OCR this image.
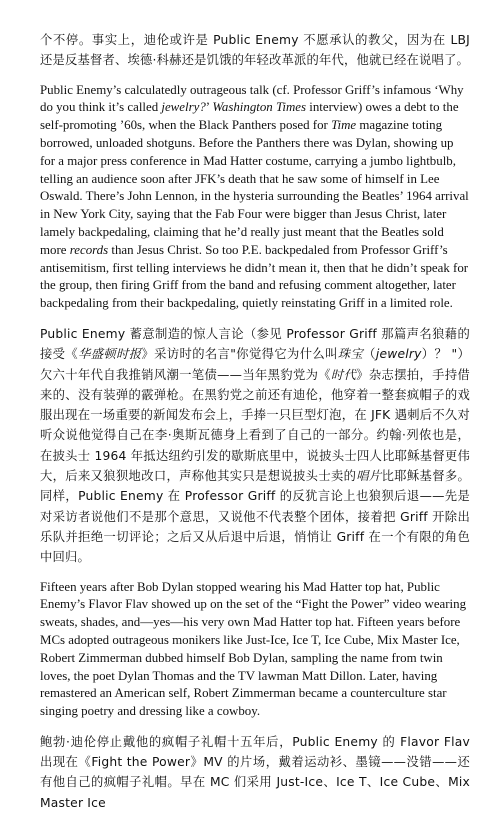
个不停。事实上，迪伦或许是 Public Enemy 不愿承认的教父，因为在 LBJ 还是反基督者、埃德·科赫还是饥饿的年轻改革派的年代，他就已经在说唱了。

Public Enemy’s calculatedly outrageous talk (cf. Professor Griff’s infamous ‘Why do you think it’s called jewelry?’ Washington Times interview) owes a debt to the self-promoting ’60s, when the Black Panthers posed for Time magazine toting borrowed, unloaded shotguns. Before the Panthers there was Dylan, showing up for a major press conference in Mad Hatter costume, carrying a jumbo lightbulb, telling an audience soon after JFK’s death that he saw some of himself in Lee Oswald. There’s John Lennon, in the hysteria surrounding the Beatles’ 1964 arrival in New York City, saying that the Fab Four were bigger than Jesus Christ, later lamely backpedaling, claiming that he’d really just meant that the Beatles sold more records than Jesus Christ. So too P.E. backpedaled from Professor Griff’s antisemitism, first telling interviews he didn’t mean it, then that he didn’t speak for the group, then firing Griff from the band and refusing comment altogether, later backpedaling from their backpedaling, quietly reinstating Griff in a limited role.

Public Enemy 蓄意制造的惊人言论（参见 Professor Griff 那篇声名狼藉的接受《华盛顿时报》采访时的名言"你觉得它为什么叫珠宝（jewelry）？ "）欠六十年代自我推销风潮一笔债——当年黑豹党为《时代》杂志摆拍，手持借来的、没有装弹的霰弹枪。在黑豹党之前还有迪伦，他穿着一整套疯帽子的戏服出现在一场重要的新闻发布会上，手捧一只巨型灯泡，在 JFK 遇刺后不久对听众说他觉得自己在李·奥斯瓦德身上看到了自己的一部分。约翰·列侬也是，在披头士 1964 年抵达纽约引发的歇斯底里中，说披头士四人比耶稣基督更伟大，后来又狼狈地改口，声称他其实只是想说披头士卖的唱片比耶稣基督多。同样，Public Enemy 在 Professor Griff 的反犹言论上也狼狈后退——先是对采访者说他们不是那个意思，又说他不代表整个团体，接着把 Griff 开除出乐队并拒绝一切评论；之后又从后退中后退，悄悄让 Griff 在一个有限的角色中回归。

Fifteen years after Bob Dylan stopped wearing his Mad Hatter top hat, Public Enemy’s Flavor Flav showed up on the set of the “Fight the Power” video wearing sweats, shades, and—yes—his very own Mad Hatter top hat. Fifteen years before MCs adopted outrageous monikers like Just-Ice, Ice T, Ice Cube, Mix Master Ice, Robert Zimmerman dubbed himself Bob Dylan, sampling the name from twin loves, the poet Dylan Thomas and the TV lawman Matt Dillon. Later, having remastered an American self, Robert Zimmerman became a counterculture star singing poetry and dressing like a cowboy.

鲍勃·迪伦停止戴他的疯帽子礼帽十五年后，Public Enemy 的 Flavor Flav 出现在《Fight the Power》MV 的片场，戴着运动衫、墨镜——没错——还有他自己的疯帽子礼帽。早在 MC 们采用 Just-Ice、Ice T、Ice Cube、Mix Master Ice
